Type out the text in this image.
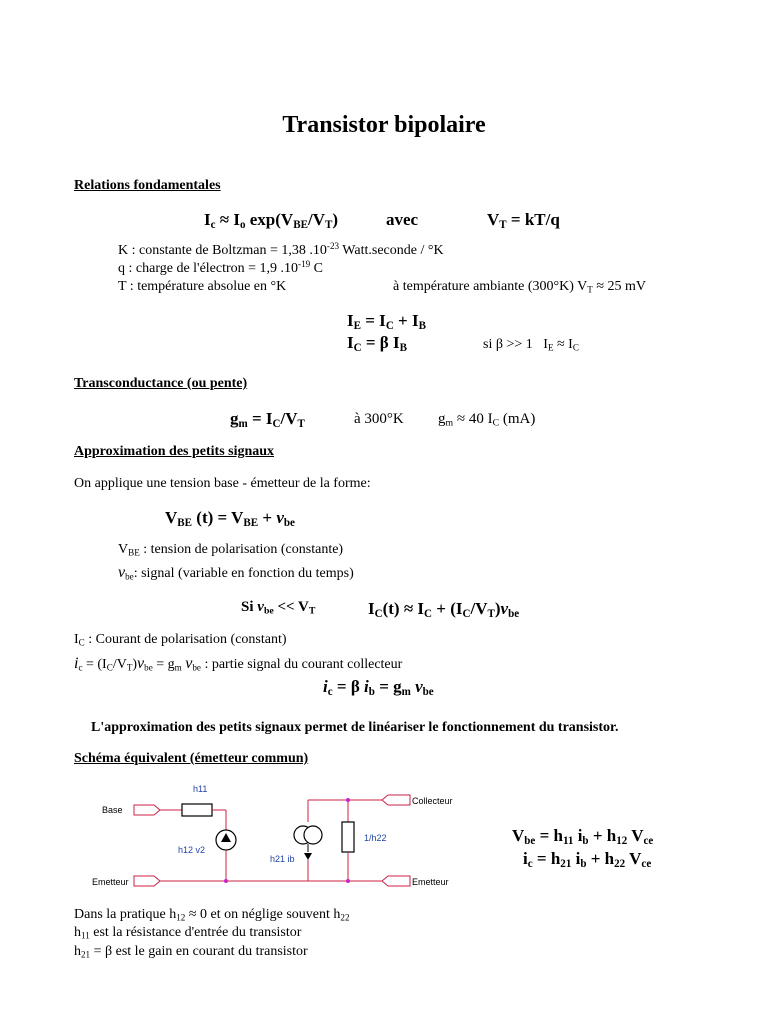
Transistor bipolaire
Relations fondamentales
$I_c \approx I_o$ $\exp(V_{BE}/V_T)$	avec	$V_T = kT/q$
K : constante de Boltzman = 1,38 $.10^{-23}$ Watt.seconde / °K
q : charge de l'électron = 1,9 $.10^{-19}$ C
T : température absolue en °K	à température ambiante (300°K) $V_T \approx 25$ mV
$I_E = I_C + I_B$
$I_C = \beta$ $I_B$	si β >> 1   $I_E \approx I_C$
Transconductance (ou pente)
$g_m = I_C/V_T$	à 300°K $g_m \approx 40$ $I_C$ (mA)
Approximation des petits signaux
On applique une tension base - émetteur de la forme:
$V_{BE}$ $(t) = V_{BE} + v_{be}$
$V_{BE}$ : tension de polarisation (constante)
$v_{be}$: signal (variable en fonction du temps)
Si $v_{be} << V_T$	$I_C(t) \approx I_C + (I_C/V_T)v_{be}$
$I_C$ : Courant de polarisation (constant)
$i_c = (I_C/V_T)v_{be} = g_m$ $v_{be}$ : partie signal du courant collecteur
$i_c = \beta$ $i_b = g_m$ $v_{be}$
L'approximation des petits signaux permet de linéariser le fonctionnement du transistor.
Schéma équivalent (émetteur commun)
h11
Base
Collecteur
h12 v2
h21 ib
1/h22
Emetteur	Emetteur
$V_{be} = h_{11}$ $i_b + h_{12}$ $V_{ce}$
$i_c = h_{21}$ $i_b + h_{22}$ $V_{ce}$
Dans la pratique $h_{12} \approx 0$ et on néglige souvent $h_{22}$
$h_{11}$ est la résistance d'entrée du transistor
$h_{21} = \beta$ est le gain en courant du transistor
